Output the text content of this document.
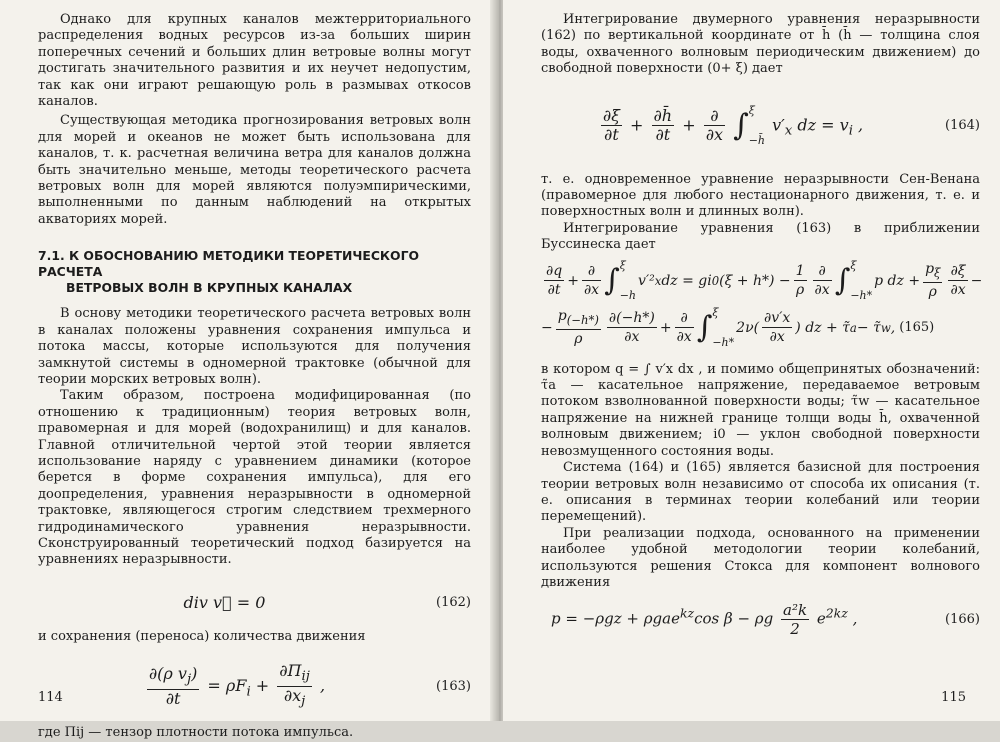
Однако для крупных каналов межтерриториального распределения водных ресурсов из-за больших ширин поперечных сечений и больших длин ветровые волны могут достигать значительного развития и их неучет недопустим, так как они играют решающую роль в размывах откосов каналов.

Существующая методика прогнозирования ветровых волн для морей и океанов не может быть использована для каналов, т. к. расчетная величина ветра для каналов должна быть значительно меньше, методы теоретического расчета ветровых волн для морей являются полуэмпирическими, выполненными по данным наблюдений на открытых акваториях морей.

7.1. К ОБОСНОВАНИЮ МЕТОДИКИ ТЕОРЕТИЧЕСКОГО РАСЧЕТА
ВЕТРОВЫХ ВОЛН В КРУПНЫХ КАНАЛАХ

В основу методики теоретического расчета ветровых волн в каналах положены уравнения сохранения импульса и потока массы, которые используются для получения замкнутой системы в одномерной трактовке (обычной для теории морских ветровых волн).

Таким образом, построена модифицированная (по отношению к традиционным) теория ветровых волн, правомерная и для морей (водохранилищ) и для каналов. Главной отличительной чертой этой теории является использование наряду с уравнением динамики (которое берется в форме сохранения импульса), для его доопределения, уравнения неразрывности в одномерной трактовке, являющегося строгим следствием трехмерного гидродинамического уравнения неразрывности. Сконструированный теоретический подход базируется на уравнениях неразрывности.

div v⃗ = 0	(162)

и сохранения (переноса) количества движения

$\frac{\partial(\rho v_j)}{\partial t} = \rho F_i + \frac{\partial\Pi_{ij}}{\partial x_j}$ ,	(163)

где Πij — тензор плотности потока импульса.

114

Интегрирование двумерного уравнения неразрывности (162) по вертикальной координате от h̄ (h̄ — толщина слоя воды, охваченного волновым периодическим движением) до свободной поверхности (0+ ξ) дает

$\frac{\partial\xi}{\partial t} + \frac{\partial h̄}{\partial t} + \frac{\partial}{\partial x}$ ∫ ξ
−h̄
$v'_x$ dz = $v_i$ ,	(164)

т. е. одновременное уравнение неразрывности Сен-Венана (правомерное для любого нестационарного движения, т. е. и поверхностных волн и длинных волн).

Интегрирование уравнения (163) в приближении Буссинеска дает

$\frac{\partial q}{\partial t} + \frac{\partial}{\partial x}$ ∫ ξ
−h
v′² x dz = gi 0 $(\xi + h*) - \frac{1}{\rho} \frac{\partial}{\partial x}$ ∫ ξ
−h*
p dz + $\frac{p_\xi}{\rho} \frac{\partial\xi}{\partial x}$ −
− $\frac{p_{(-h*)}}{\rho} \frac{\partial(-h*)}{\partial x} + \frac{\partial}{\partial x}$ ∫ ξ
−h*
$2\nu( \frac{\partial v'x}{\partial x}$ ) dz + τ̃ a − τ̃ w , (165)

в котором q = ∫ v′x dx , и помимо общепринятых обозначений: τ̃a — касательное напряжение, передаваемое ветровым потоком взволнованной поверхности воды; τ̃w — касательное напряжение на нижней границе толщи воды h̄, охваченной волновым движением; i0 — уклон свободной поверхности невозмущенного состояния воды.

Система (164) и (165) является базисной для построения теории ветровых волн независимо от способа их описания (т. е. описания в терминах теории колебаний или теории перемещений).

При реализации подхода, основанного на применении наиболее удобной методологии теории колебаний, используются решения Стокса для компонент волнового движения

p = −ρgz + ρgae$^{kz}$cos β − ρg $\frac{\text{a²k}}{2} e^{2kz}$ ,	(166)
115
